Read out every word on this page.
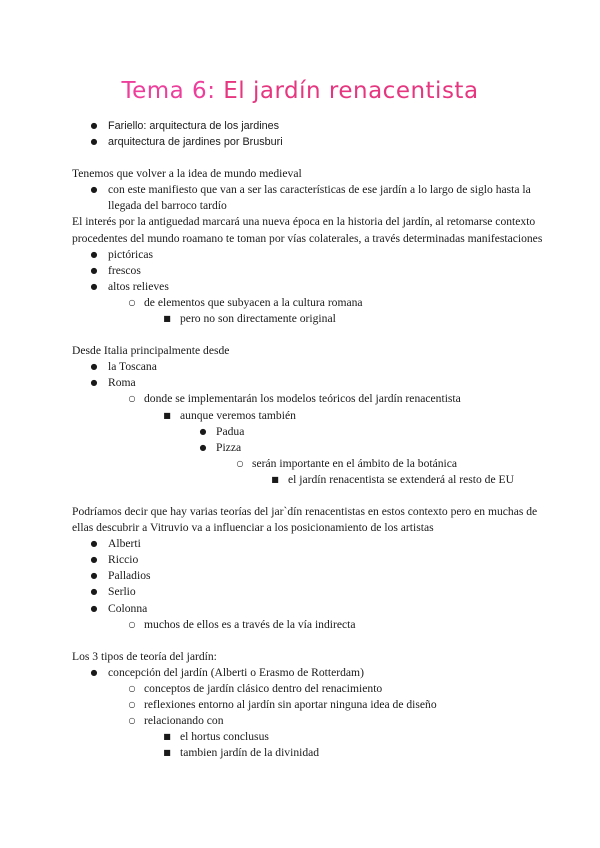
Tema 6: El jardín renacentista
● Fariello: arquitectura de los jardines
● arquitectura de jardines por Brusburi
Tenemos que volver a la idea de mundo medieval
● con este manifiesto que van a ser las características de ese jardín a lo largo de siglo hasta la llegada del barroco tardío
El interés por la antiguedad marcará una nueva época en la historia del jardín, al retomarse contexto procedentes del mundo roamano te toman por vías colaterales, a través determinadas manifestaciones
● pictóricas
● frescos
● altos relieves
○ de elementos que subyacen a la cultura romana
■ pero no son directamente original
Desde Italia principalmente desde
● la Toscana
● Roma
○ donde se implementarán los modelos teóricos del jardín renacentista
■ aunque veremos también
● Padua
● Pizza
○ serán importante en el ámbito de la botánica
■ el jardín renacentista se extenderá al resto de EU
Podríamos decir que hay varias teorías del jar`dín renacentistas en estos contexto pero en muchas de ellas descubrir a Vitruvio va a influenciar a los posicionamiento de los artistas
● Alberti
● Riccio
● Palladios
● Serlio
● Colonna
○ muchos de ellos es a través de la vía indirecta
Los 3 tipos de teoría del jardín:
● concepción del jardín (Alberti o Erasmo de Rotterdam)
○ conceptos de jardín clásico dentro del renacimiento
○ reflexiones entorno al jardín sin aportar ninguna idea de diseño
○ relacionando con
■ el hortus conclusus
■ tambien jardín de la divinidad
